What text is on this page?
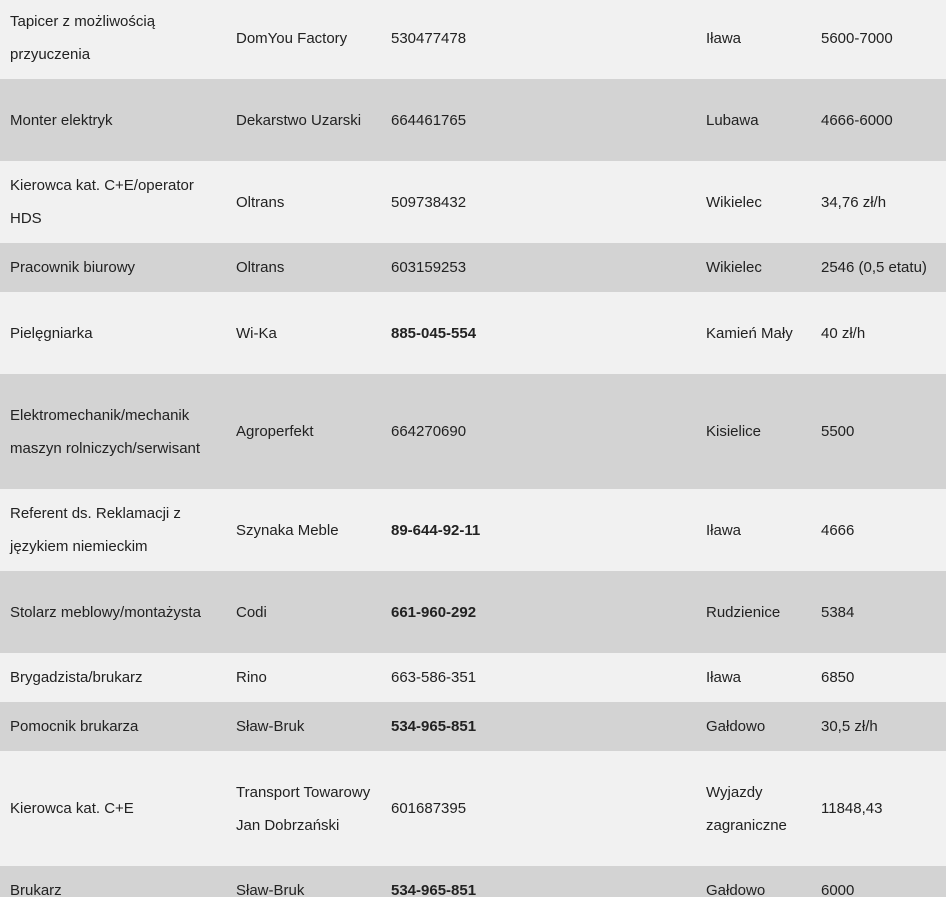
Tapicer z możliwością przyuczenia	DomYou Factory	530477478	Iława	5600-7000
Monter elektryk	Dekarstwo Uzarski	664461765	Lubawa	4666-6000
Kierowca kat. C+E/operator HDS	Oltrans	509738432	Wikielec	34,76 zł/h
Pracownik biurowy	Oltrans	603159253	Wikielec	2546 (0,5 etatu)
Pielęgniarka	Wi-Ka	885-045-554	Kamień Mały	40 zł/h
Elektromechanik/mechanik maszyn rolniczych/serwisant	Agroperfekt	664270690	Kisielice	5500
Referent ds. Reklamacji z językiem niemieckim	Szynaka Meble	89-644-92-11	Iława	4666
Stolarz meblowy/montażysta	Codi	661-960-292	Rudzienice	5384
Brygadzista/brukarz	Rino	663-586-351	Iława	6850
Pomocnik brukarza	Sław-Bruk	534-965-851	Gałdowo	30,5 zł/h
Kierowca kat. C+E	Transport Towarowy Jan Dobrzański	601687395	Wyjazdy zagraniczne	11848,43
Brukarz	Sław-Bruk	534-965-851	Gałdowo	6000
